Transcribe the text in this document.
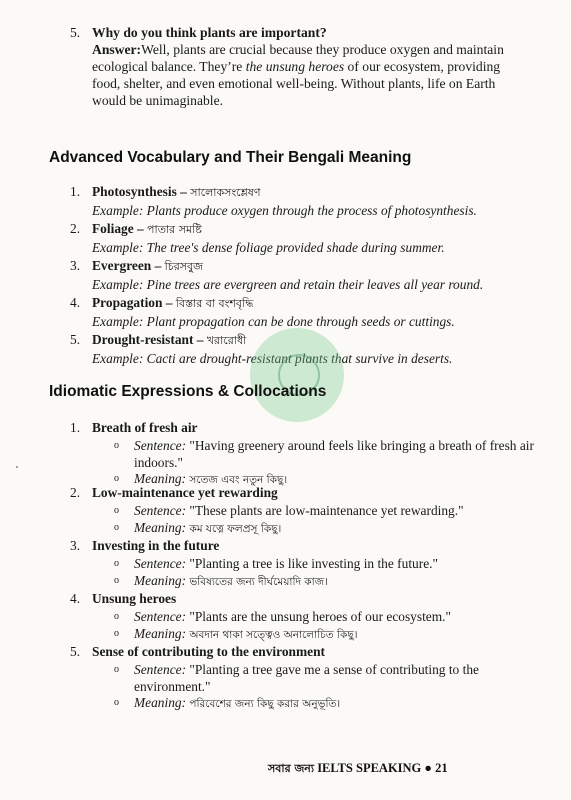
5. Why do you think plants are important?
Answer:Well, plants are crucial because they produce oxygen and maintain ecological balance. They’re the unsung heroes of our ecosystem, providing food, shelter, and even emotional well-being. Without plants, life on Earth would be unimaginable.
Advanced Vocabulary and Their Bengali Meaning
1. Photosynthesis – সালোকসংশ্লেষণ
Example: Plants produce oxygen through the process of photosynthesis.
2. Foliage – পাতার সমষ্টি
Example: The tree's dense foliage provided shade during summer.
3. Evergreen – চিরসবুজ
Example: Pine trees are evergreen and retain their leaves all year round.
4. Propagation – বিস্তার বা বংশবৃদ্ধি
Example: Plant propagation can be done through seeds or cuttings.
5. Drought-resistant – খরারোধী
Example: Cacti are drought-resistant plants that survive in deserts.
Idiomatic Expressions & Collocations
1. Breath of fresh air
o Sentence: "Having greenery around feels like bringing a breath of fresh air indoors."
o Meaning: সতেজ এবং নতুন কিছু।
2. Low-maintenance yet rewarding
o Sentence: "These plants are low-maintenance yet rewarding."
o Meaning: কম যত্নে ফলপ্রসূ কিছু।
3. Investing in the future
o Sentence: "Planting a tree is like investing in the future."
o Meaning: ভবিষ্যতের জন্য দীর্ঘমেয়াদি কাজ।
4. Unsung heroes
o Sentence: "Plants are the unsung heroes of our ecosystem."
o Meaning: অবদান থাকা সত্ত্বেও অনালোচিত কিছু।
5. Sense of contributing to the environment
o Sentence: "Planting a tree gave me a sense of contributing to the environment."
o Meaning: পরিবেশের জন্য কিছু করার অনুভূতি।
সবার জন্য IELTS SPEAKING ● 21
